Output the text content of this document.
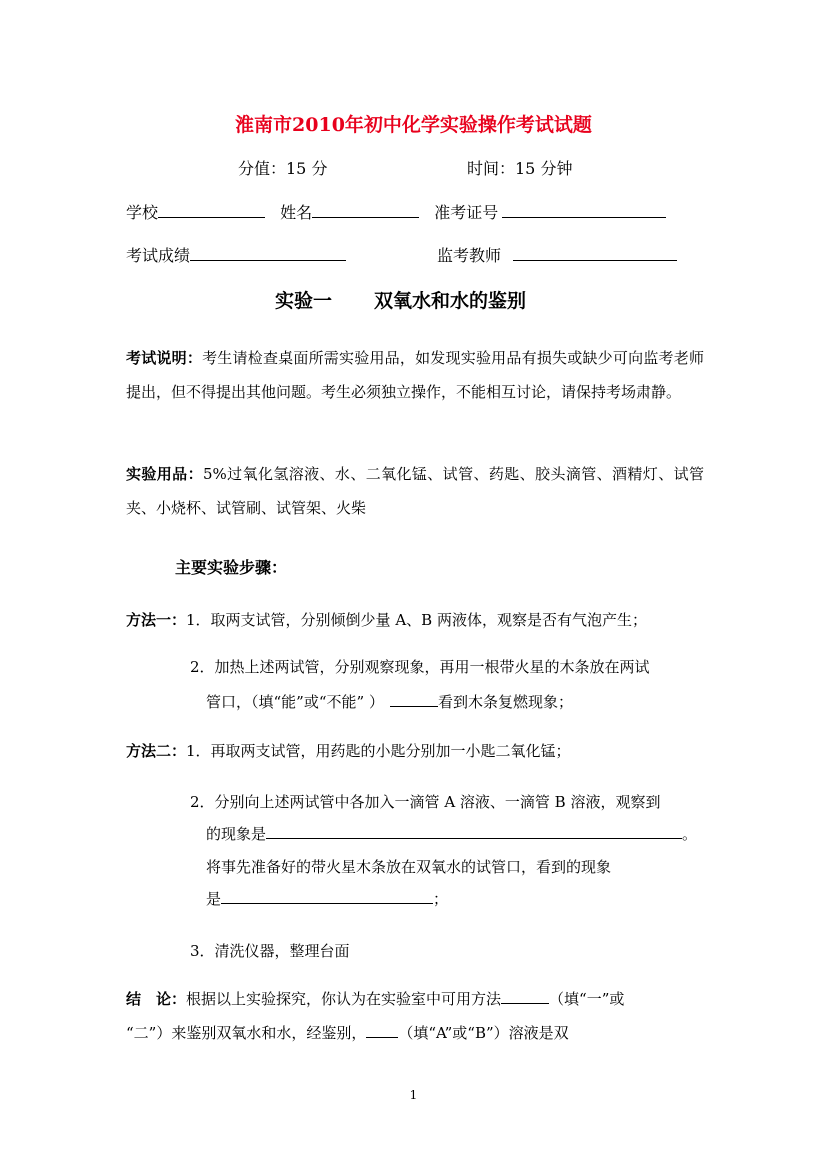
淮南市2010年初中化学实验操作考试试题
分值：15 分	时间：15 分钟
学校	姓名	准考证号
考试成绩	监考教师
实验一 双氧水和水的鉴别
考试说明：考生请检查桌面所需实验用品，如发现实验用品有损失或缺少可向监考老师提出，但不得提出其他问题。考生必须独立操作，不能相互讨论，请保持考场肃静。
实验用品：5%过氧化氢溶液、水、二氧化锰、试管、药匙、胶头滴管、酒精灯、试管夹、小烧杯、试管刷、试管架、火柴
主要实验步骤：
方法一：1．取两支试管，分别倾倒少量 A、B 两液体，观察是否有气泡产生；
2．加热上述两试管，分别观察现象，再用一根带火星的木条放在两试
管口，（填“能”或“不能” ）	看到木条复燃现象；
方法二：1．再取两支试管，用药匙的小匙分别加一小匙二氧化锰；
2．分别向上述两试管中各加入一滴管 A 溶液、一滴管 B 溶液，观察到
的现象是	。
将事先准备好的带火星木条放在双氧水的试管口，看到的现象
是	；
3．清洗仪器，整理台面
结　论：根据以上实验探究，你认为在实验室中可用方法	（填“一”或
“二”）来鉴别双氧水和水，经鉴别， （填“A”或“B”）溶液是双
1
